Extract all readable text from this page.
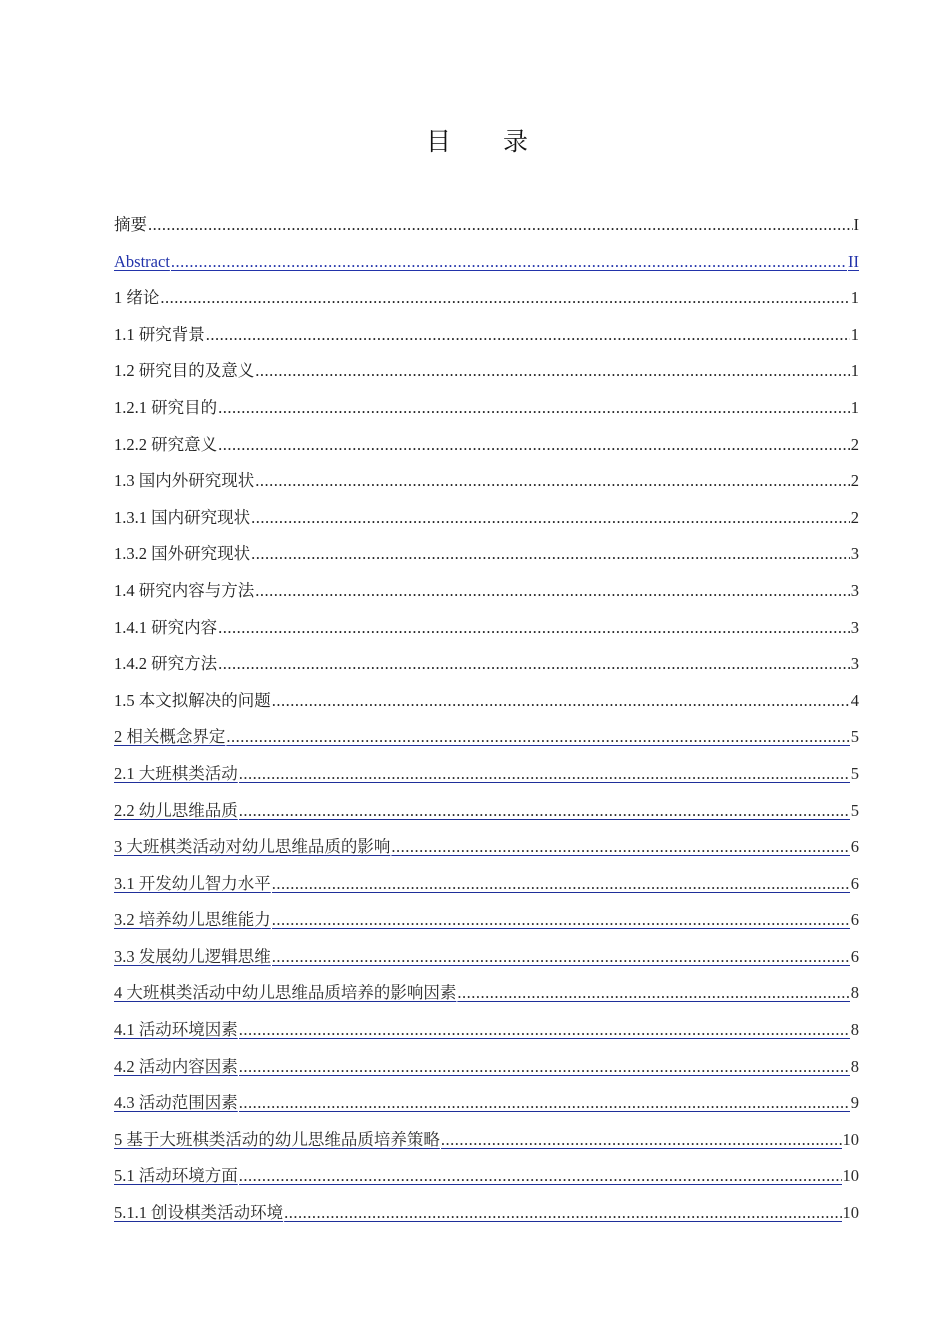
目 录
摘要 .....	I
Abstract .....	II
1 绪论 .....	1
1.1 研究背景 .....	1
1.2 研究目的及意义 .....	1
1.2.1 研究目的 .....	1
1.2.2 研究意义 .....	2
1.3 国内外研究现状 .....	2
1.3.1 国内研究现状 .....	2
1.3.2 国外研究现状 .....	3
1.4 研究内容与方法 .....	3
1.4.1 研究内容 .....	3
1.4.2 研究方法 .....	3
1.5 本文拟解决的问题 .....	4
2 相关概念界定 .....	5
2.1 大班棋类活动 .....	5
2.2 幼儿思维品质 .....	5
3 大班棋类活动对幼儿思维品质的影响 .....	6
3.1 开发幼儿智力水平 .....	6
3.2 培养幼儿思维能力 .....	6
3.3 发展幼儿逻辑思维 .....	6
4 大班棋类活动中幼儿思维品质培养的影响因素 .....	8
4.1 活动环境因素 .....	8
4.2 活动内容因素 .....	8
4.3 活动范围因素 .....	9
5 基于大班棋类活动的幼儿思维品质培养策略 .....	10
5.1 活动环境方面 .....	10
5.1.1 创设棋类活动环境 .....	10
